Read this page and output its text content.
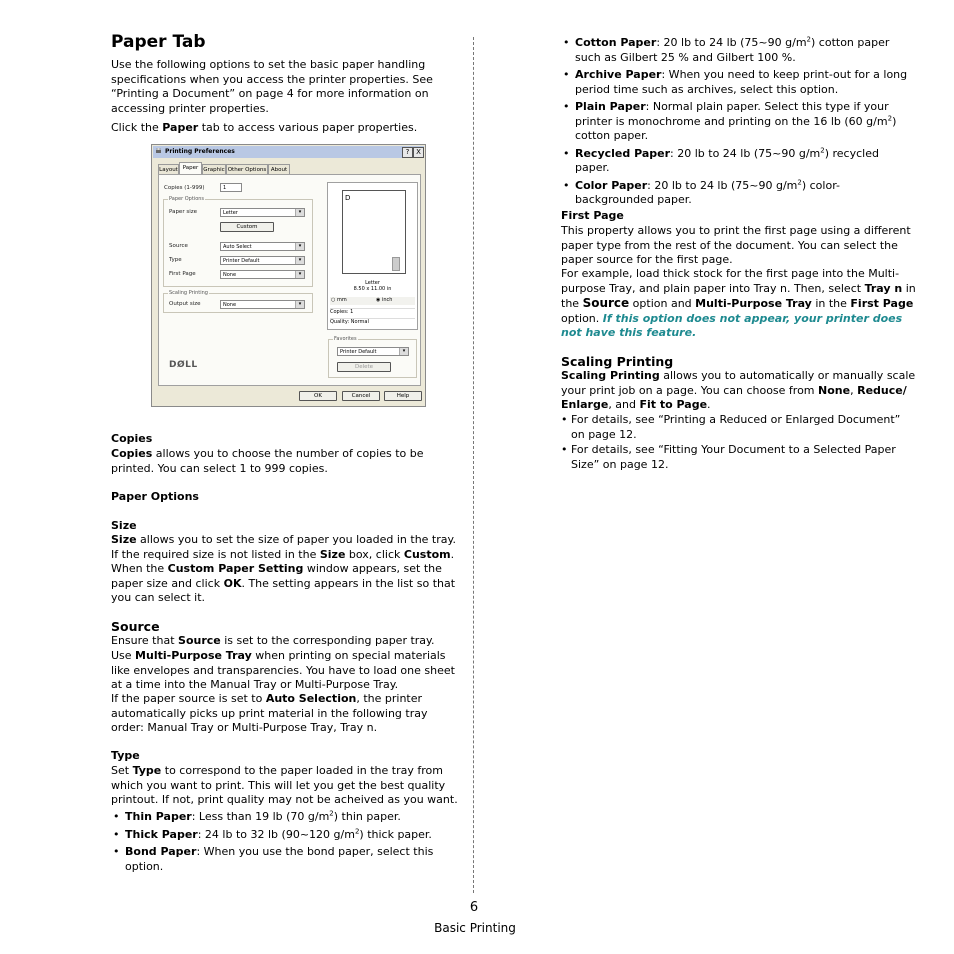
Paper Tab
Use the following options to set the basic paper handling specifications when you access the printer properties. See “Printing a Document” on page 4 for more information on accessing printer properties.
Click the Paper tab to access various paper properties.
Printing Preferences	? X
Layout Paper Graphic Other Options About
Copies (1-999)	1
Paper Options
Paper size	Letter	▾
Custom
Source	Auto Select	▾
Type	Printer Default	▾
First Page	None	▾
Scaling Printing
Output size	None	▾
D
Letter
8.50 x 11.00 in
○ mm	◉ inch
Copies: 1
Quality: Normal
Favorites
Printer Default	▾
Delete
DØLL
OK	Cancel	Help
Copies
Copies allows you to choose the number of copies to be printed. You can select 1 to 999 copies.
Paper Options
Size
Size allows you to set the size of paper you loaded in the tray. If the required size is not listed in the Size box, click Custom. When the Custom Paper Setting window appears, set the paper size and click OK. The setting appears in the list so that you can select it.
Source
Ensure that Source is set to the corresponding paper tray.
Use Multi-Purpose Tray when printing on special materials like envelopes and transparencies. You have to load one sheet at a time into the Manual Tray or Multi-Purpose Tray.
If the paper source is set to Auto Selection, the printer automatically picks up print material in the following tray order: Manual Tray or Multi-Purpose Tray, Tray n.
Type
Set Type to correspond to the paper loaded in the tray from which you want to print. This will let you get the best quality printout. If not, print quality may not be acheived as you want.
• Thin Paper: Less than 19 lb (70 $g/m^2$) thin paper.
• Thick Paper: 24 lb to 32 lb (90~120 $g/m^2$) thick paper.
• Bond Paper: When you use the bond paper, select this option.
• Cotton Paper: 20 lb to 24 lb (75~90 $g/m^2$) cotton paper such as Gilbert 25 % and Gilbert 100 %.
• Archive Paper: When you need to keep print-out for a long period time such as archives, select this option.
• Plain Paper: Normal plain paper. Select this type if your printer is monochrome and printing on the 16 lb (60 $g/m^2$) cotton paper.
• Recycled Paper: 20 lb to 24 lb (75~90 $g/m^2$) recycled paper.
• Color Paper: 20 lb to 24 lb (75~90 $g/m^2$) color-backgrounded paper.
First Page
This property allows you to print the first page using a different paper type from the rest of the document. You can select the paper source for the first page.
For example, load thick stock for the first page into the Multi-purpose Tray, and plain paper into Tray n. Then, select Tray n in the Source option and Multi-Purpose Tray in the First Page option. If this option does not appear, your printer does not have this feature.
Scaling Printing
Scaling Printing allows you to automatically or manually scale your print job on a page. You can choose from None, Reduce/ Enlarge, and Fit to Page.
• For details, see “Printing a Reduced or Enlarged Document” on page 12.
• For details, see “Fitting Your Document to a Selected Paper Size” on page 12.
6
Basic Printing
